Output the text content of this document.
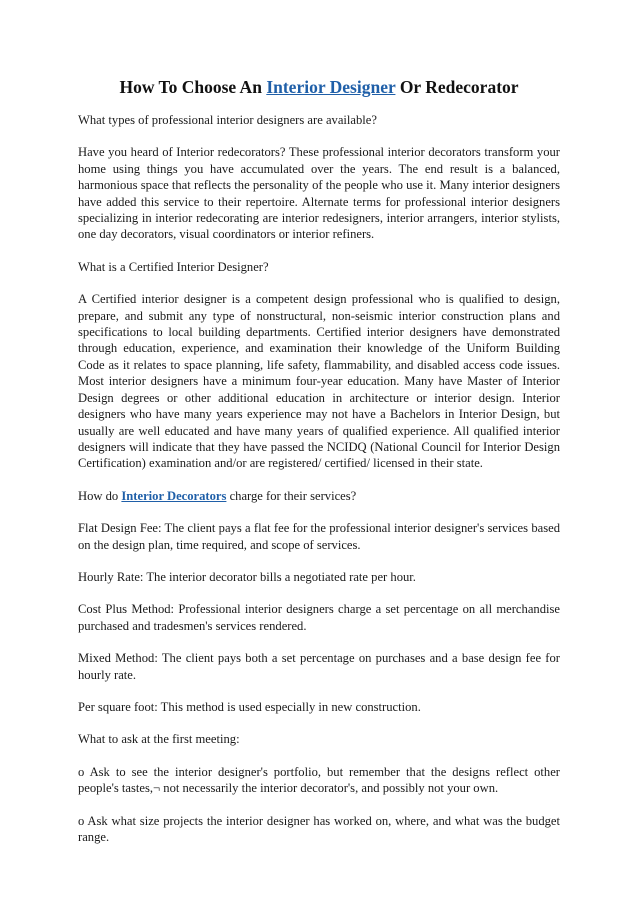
How To Choose An Interior Designer Or Redecorator

What types of professional interior designers are available?

Have you heard of Interior redecorators? These professional interior decorators transform your home using things you have accumulated over the years. The end result is a balanced, harmonious space that reflects the personality of the people who use it. Many interior designers have added this service to their repertoire. Alternate terms for professional interior designers specializing in interior redecorating are interior redesigners, interior arrangers, interior stylists, one day decorators, visual coordinators or interior refiners.

What is a Certified Interior Designer?

A Certified interior designer is a competent design professional who is qualified to design, prepare, and submit any type of nonstructural, non-seismic interior construction plans and specifications to local building departments. Certified interior designers have demonstrated through education, experience, and examination their knowledge of the Uniform Building Code as it relates to space planning, life safety, flammability, and disabled access code issues. Most interior designers have a minimum four-year education. Many have Master of Interior Design degrees or other additional education in architecture or interior design. Interior designers who have many years experience may not have a Bachelors in Interior Design, but usually are well educated and have many years of qualified experience. All qualified interior designers will indicate that they have passed the NCIDQ (National Council for Interior Design Certification) examination and/or are registered/ certified/ licensed in their state.

How do Interior Decorators charge for their services?

Flat Design Fee: The client pays a flat fee for the professional interior designer's services based on the design plan, time required, and scope of services.

Hourly Rate: The interior decorator bills a negotiated rate per hour.

Cost Plus Method: Professional interior designers charge a set percentage on all merchandise purchased and tradesmen's services rendered.

Mixed Method: The client pays both a set percentage on purchases and a base design fee for hourly rate.

Per square foot: This method is used especially in new construction.

What to ask at the first meeting:

o Ask to see the interior designer's portfolio, but remember that the designs reflect other people's tastes,¬ not necessarily the interior decorator's, and possibly not your own.

o Ask what size projects the interior designer has worked on, where, and what was the budget range.
